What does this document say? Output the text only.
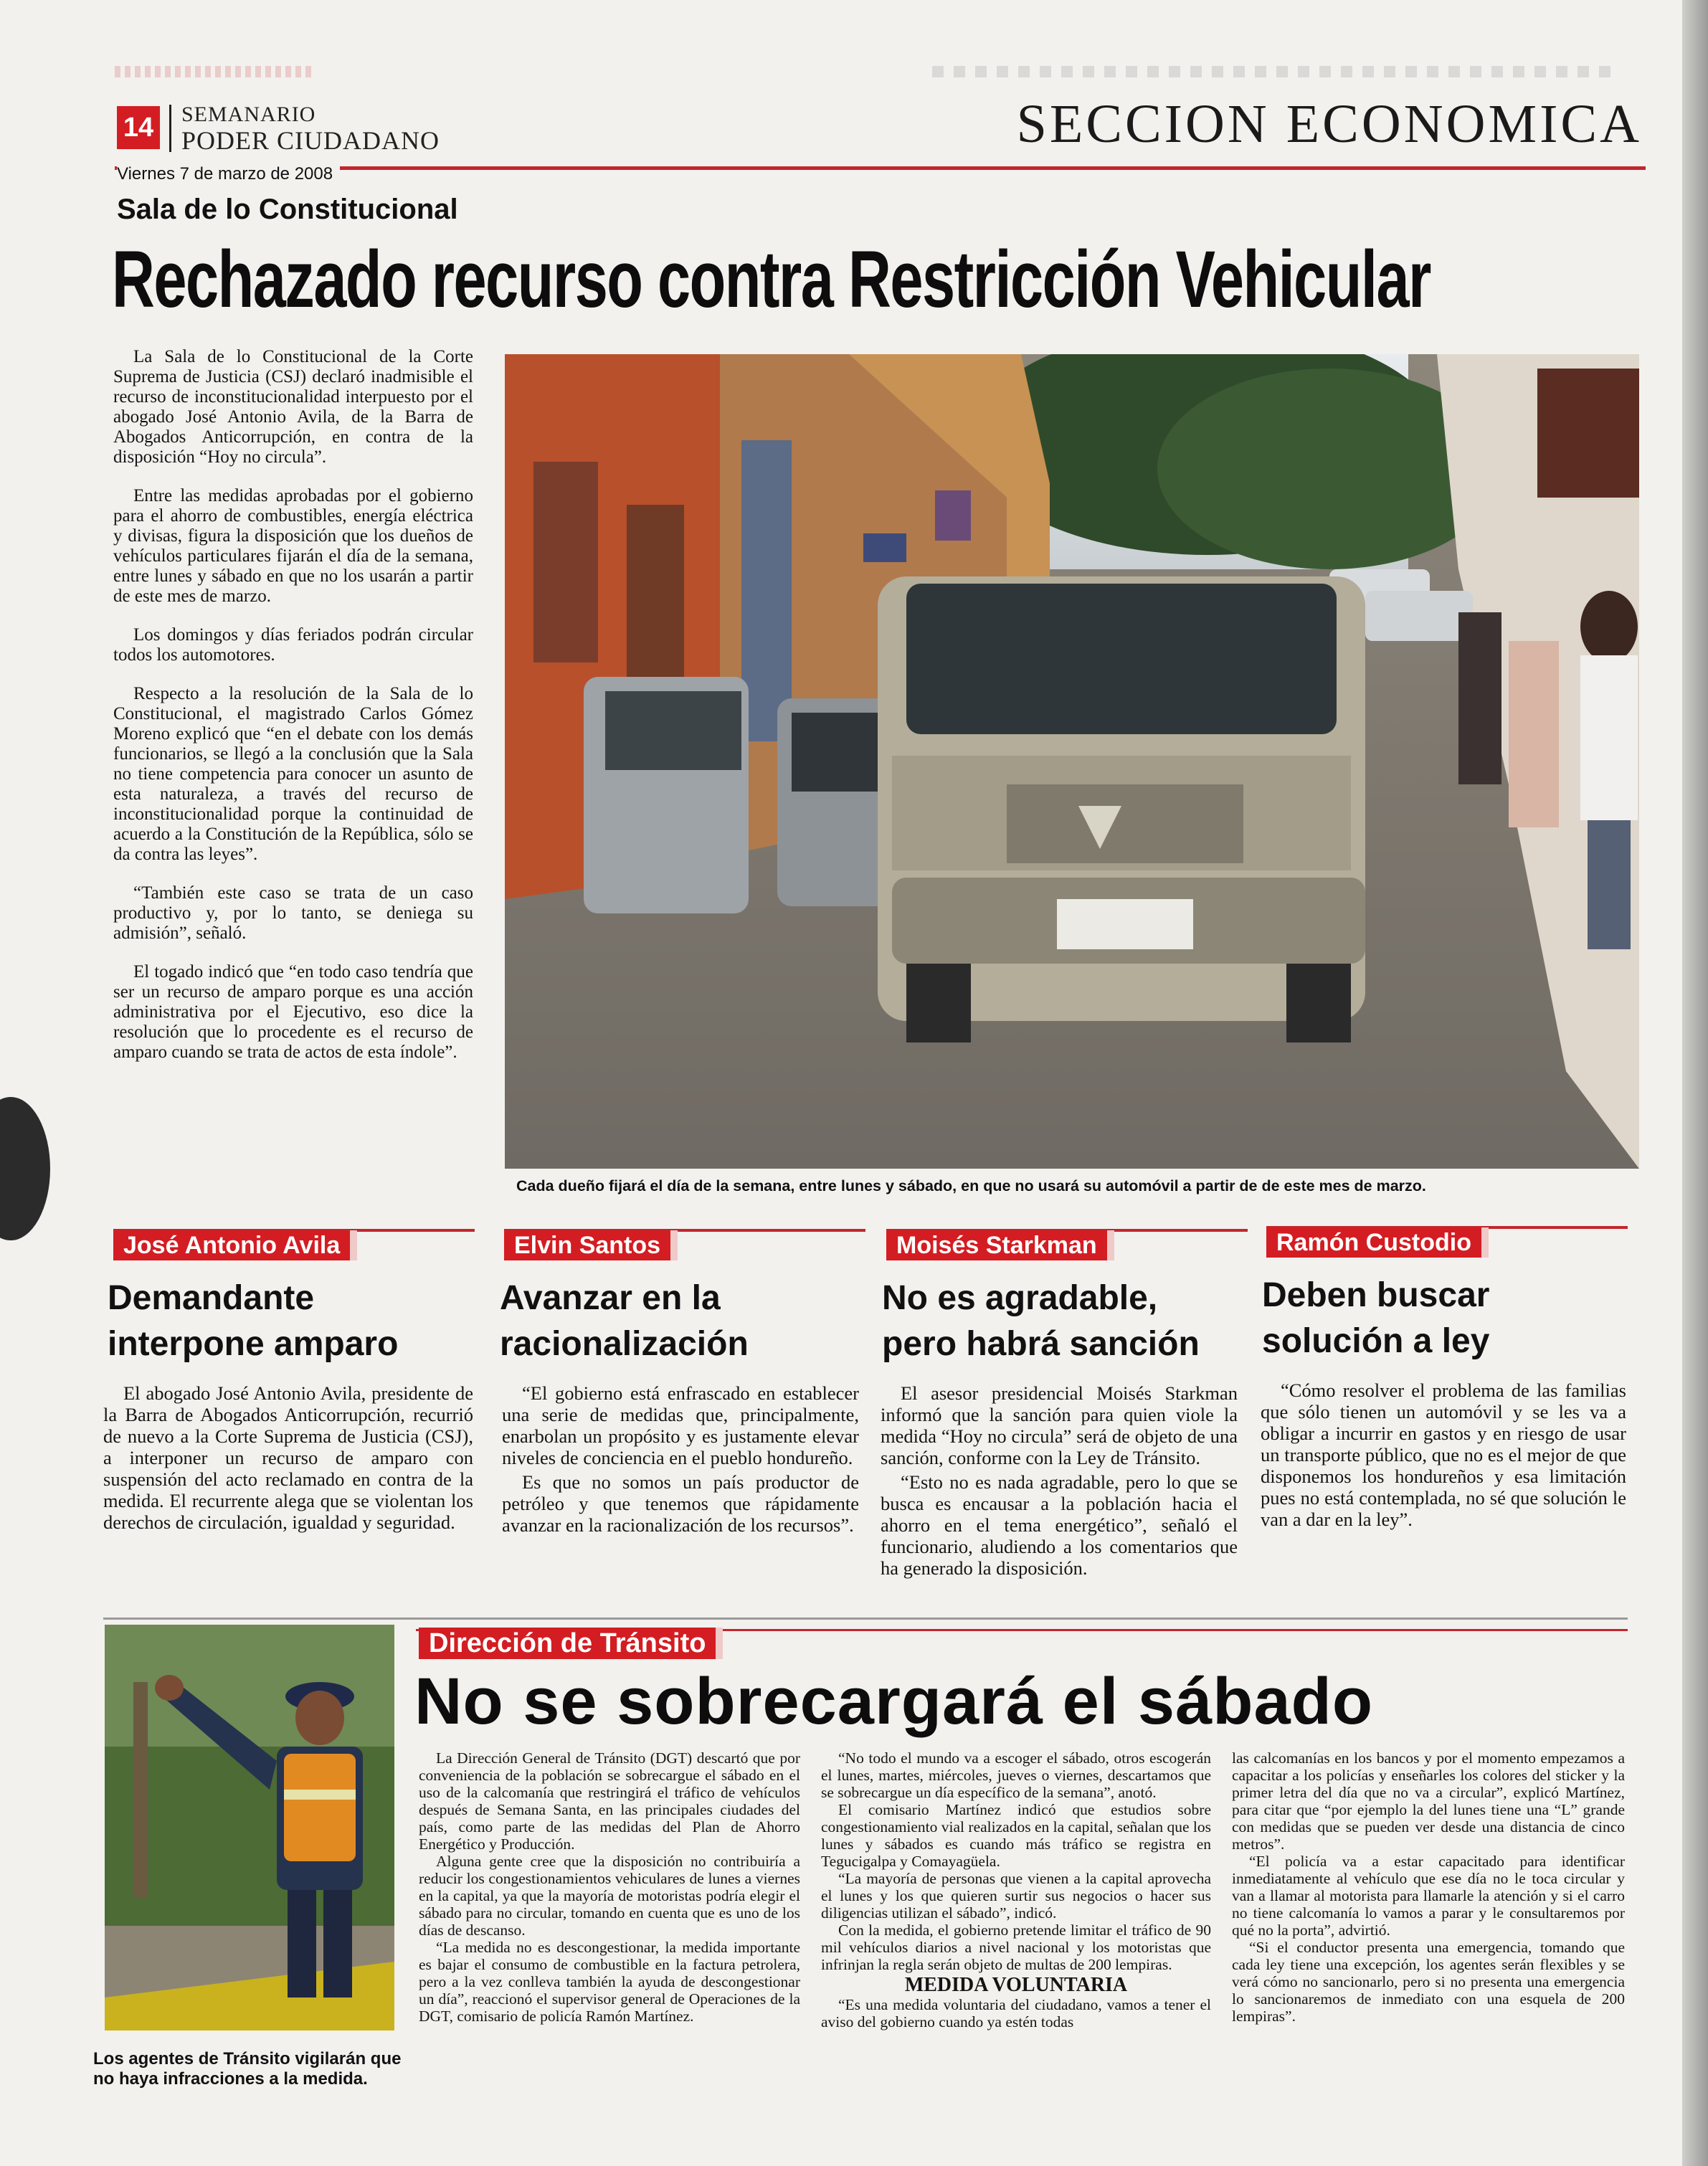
14 SEMANARIO
PODER CIUDADANO	SECCION ECONOMICA
Viernes 7 de marzo de 2008
Sala de lo Constitucional
Rechazado recurso contra Restricción Vehicular

La Sala de lo Constitucional de la Corte Suprema de Justicia (CSJ) declaró inadmisible el recurso de inconstitucionalidad interpuesto por el abogado José Antonio Avila, de la Barra de Abogados Anticorrupción, en contra de la disposición “Hoy no circula”.

Entre las medidas aprobadas por el gobierno para el ahorro de combustibles, energía eléctrica y divisas, figura la disposición que los dueños de vehículos particulares fijarán el día de la semana, entre lunes y sábado en que no los usarán a partir de este mes de marzo.

Los domingos y días feriados podrán circular todos los automotores.

Respecto a la resolución de la Sala de lo Constitucional, el magistrado Carlos Gómez Moreno explicó que “en el debate con los demás funcionarios, se llegó a la conclusión que la Sala no tiene competencia para conocer un asunto de esta naturaleza, a través del recurso de inconstitucionalidad porque la continuidad de acuerdo a la Constitución de la República, sólo se da contra las leyes”.

“También este caso se trata de un caso productivo y, por lo tanto, se deniega su admisión”, señaló.

El togado indicó que “en todo caso tendría que ser un recurso de amparo porque es una acción administrativa por el Ejecutivo, eso dice la resolución que lo procedente es el recurso de amparo cuando se trata de actos de esta índole”.

Cada dueño fijará el día de la semana, entre lunes y sábado, en que no usará su automóvil a partir de de este mes de marzo.
José Antonio Avila
Demandante
interpone amparo

El abogado José Antonio Avila, presidente de la Barra de Abogados Anticorrupción, recurrió de nuevo a la Corte Suprema de Justicia (CSJ), a interponer un recurso de amparo con suspensión del acto reclamado en contra de la medida. El recurrente alega que se violentan los derechos de circulación, igualdad y seguridad.

Elvin Santos
Avanzar en la
racionalización

“El gobierno está enfrascado en establecer una serie de medidas que, principalmente, enarbolan un propósito y es justamente elevar niveles de conciencia en el pueblo hondureño.

Es que no somos un país productor de petróleo y que tenemos que rápidamente avanzar en la racionalización de los recursos”.

Moisés Starkman
No es agradable,
pero habrá sanción

El asesor presidencial Moisés Starkman informó que la sanción para quien viole la medida “Hoy no circula” será de objeto de una sanción, conforme con la Ley de Tránsito.

“Esto no es nada agradable, pero lo que se busca es encausar a la población hacia el ahorro en el tema energético”, señaló el funcionario, aludiendo a los comentarios que ha generado la disposición.

Ramón Custodio
Deben buscar
solución a ley

“Cómo resolver el problema de las familias que sólo tienen un automóvil y se les va a obligar a incurrir en gastos y en riesgo de usar un transporte público, que no es el mejor de que disponemos los hondureños y esa limitación pues no está contemplada, no sé que solución le van a dar en la ley”.

Los agentes de Tránsito vigilarán que no haya infracciones a la medida.
Dirección de Tránsito
No se sobrecargará el sábado

La Dirección General de Tránsito (DGT) descartó que por conveniencia de la población se sobrecargue el sábado en el uso de la calcomanía que restringirá el tráfico de vehículos después de Semana Santa, en las principales ciudades del país, como parte de las medidas del Plan de Ahorro Energético y Producción.

Alguna gente cree que la disposición no contribuiría a reducir los congestionamientos vehiculares de lunes a viernes en la capital, ya que la mayoría de motoristas podría elegir el sábado para no circular, tomando en cuenta que es uno de los días de descanso.

“La medida no es descongestionar, la medida importante es bajar el consumo de combustible en la factura petrolera, pero a la vez conlleva también la ayuda de descongestionar un día”, reaccionó el supervisor general de Operaciones de la DGT, comisario de policía Ramón Martínez.

“No todo el mundo va a escoger el sábado, otros escogerán el lunes, martes, miércoles, jueves o viernes, descartamos que se sobrecargue un día específico de la semana”, anotó.

El comisario Martínez indicó que estudios sobre congestionamiento vial realizados en la capital, señalan que los lunes y sábados es cuando más tráfico se registra en Tegucigalpa y Comayagüela.

“La mayoría de personas que vienen a la capital aprovecha el lunes y los que quieren surtir sus negocios o hacer sus diligencias utilizan el sábado”, indicó.

Con la medida, el gobierno pretende limitar el tráfico de 90 mil vehículos diarios a nivel nacional y los motoristas que infrinjan la regla serán objeto de multas de 200 lempiras.

MEDIDA VOLUNTARIA

“Es una medida voluntaria del ciudadano, vamos a tener el aviso del gobierno cuando ya estén todas

las calcomanías en los bancos y por el momento empezamos a capacitar a los policías y enseñarles los colores del sticker y la primer letra del día que no va a circular”, explicó Martínez, para citar que “por ejemplo la del lunes tiene una “L” grande con medidas que se pueden ver desde una distancia de cinco metros”.

“El policía va a estar capacitado para identificar inmediatamente al vehículo que ese día no le toca circular y van a llamar al motorista para llamarle la atención y si el carro no tiene calcomanía lo vamos a parar y le consultaremos por qué no la porta”, advirtió.

“Si el conductor presenta una emergencia, tomando que cada ley tiene una excepción, los agentes serán flexibles y se verá cómo no sancionarlo, pero si no presenta una emergencia lo sancionaremos de inmediato con una esquela de 200 lempiras”.
